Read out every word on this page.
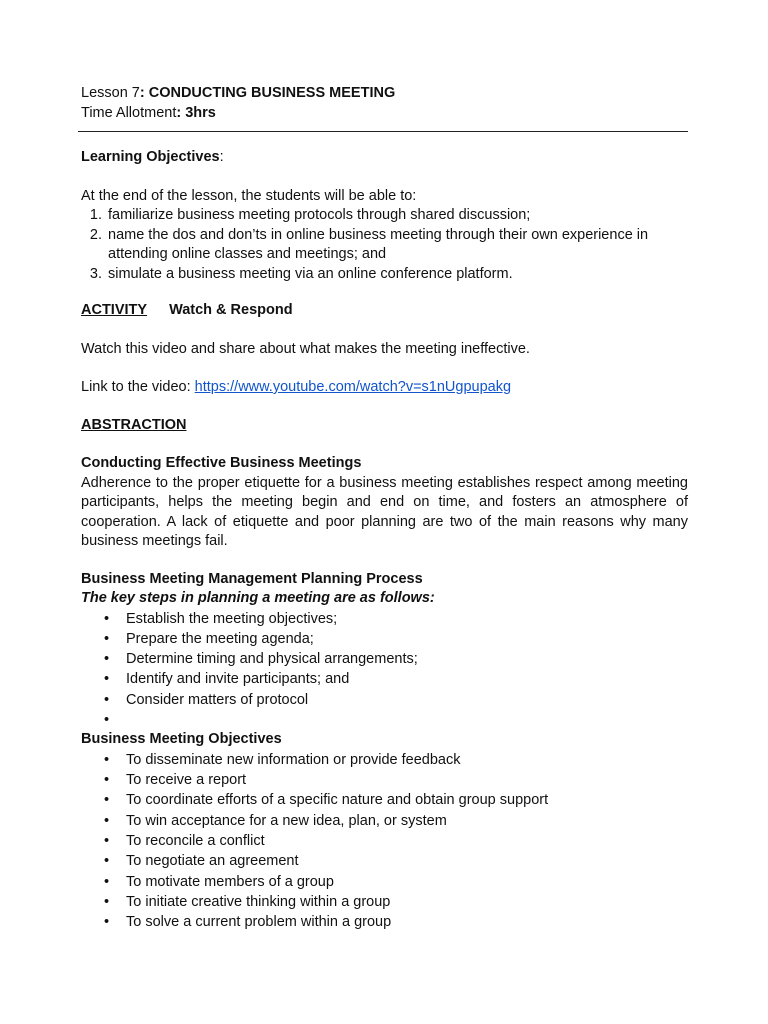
Lesson 7: CONDUCTING BUSINESS MEETING

Time Allotment: 3hrs

Learning Objectives:

At the end of the lesson, the students will be able to:

1. familiarize business meeting protocols through shared discussion;
2. name the dos and don’ts in online business meeting through their own experience in attending online classes and meetings; and
3. simulate a business meeting via an online conference platform.
ACTIVITY Watch & Respond

Watch this video and share about what makes the meeting ineffective.

Link to the video: https://www.youtube.com/watch?v=s1nUgpupakg

ABSTRACTION

Conducting Effective Business Meetings

Adherence to the proper etiquette for a business meeting establishes respect among meeting participants, helps the meeting begin and end on time, and fosters an atmosphere of cooperation. A lack of etiquette and poor planning are two of the main reasons why many business meetings fail.

Business Meeting Management Planning Process

The key steps in planning a meeting are as follows:

• Establish the meeting objectives;
• Prepare the meeting agenda;
• Determine timing and physical arrangements;
• Identify and invite participants; and
• Consider matters of protocol
•

Business Meeting Objectives

• To disseminate new information or provide feedback
• To receive a report
• To coordinate efforts of a specific nature and obtain group support
• To win acceptance for a new idea, plan, or system
• To reconcile a conflict
• To negotiate an agreement
• To motivate members of a group
• To initiate creative thinking within a group
• To solve a current problem within a group
